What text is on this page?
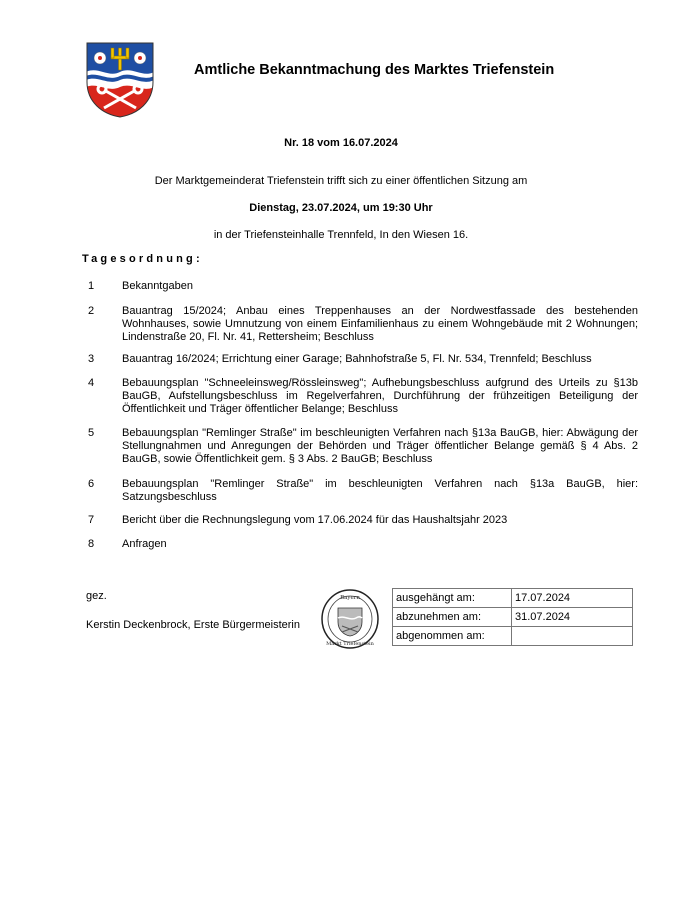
Amtliche Bekanntmachung des Marktes Triefenstein
Nr. 18 vom 16.07.2024
Der Marktgemeinderat Triefenstein trifft sich zu einer öffentlichen Sitzung am
Dienstag, 23.07.2024, um 19:30 Uhr
in der Triefensteinhalle Trennfeld, In den Wiesen 16.
Tagesordnung:
1	Bekanntgaben
2	Bauantrag 15/2024; Anbau eines Treppenhauses an der Nordwestfassade des bestehenden Wohnhauses, sowie Umnutzung von einem Einfamilienhaus zu einem Wohngebäude mit 2 Wohnungen; Lindenstraße 20, Fl. Nr. 41, Rettersheim; Beschluss
3	Bauantrag 16/2024; Errichtung einer Garage; Bahnhofstraße 5, Fl. Nr. 534, Trennfeld; Beschluss
4	Bebauungsplan "Schneeleinsweg/Rössleinsweg"; Aufhebungsbeschluss aufgrund des Urteils zu §13b BauGB, Aufstellungsbeschluss im Regelverfahren, Durchführung der frühzeitigen Beteiligung der Öffentlichkeit und Träger öffentlicher Belange; Beschluss
5	Bebauungsplan "Remlinger Straße" im beschleunigten Verfahren nach §13a BauGB, hier: Abwägung der Stellungnahmen und Anregungen der Behörden und Träger öffentlicher Belange gemäß § 4 Abs. 2 BauGB, sowie Öffentlichkeit gem. § 3 Abs. 2 BauGB; Beschluss
6	Bebauungsplan "Remlinger Straße" im beschleunigten Verfahren nach §13a BauGB, hier: Satzungsbeschluss
7	Bericht über die Rechnungslegung vom 17.06.2024 für das Haushaltsjahr 2023
8	Anfragen
gez.
Kerstin Deckenbrock, Erste Bürgermeisterin
Bayern
Markt Triefenstein
ausgehängt am:	17.07.2024
abzunehmen am:	31.07.2024
abgenommen am:	
